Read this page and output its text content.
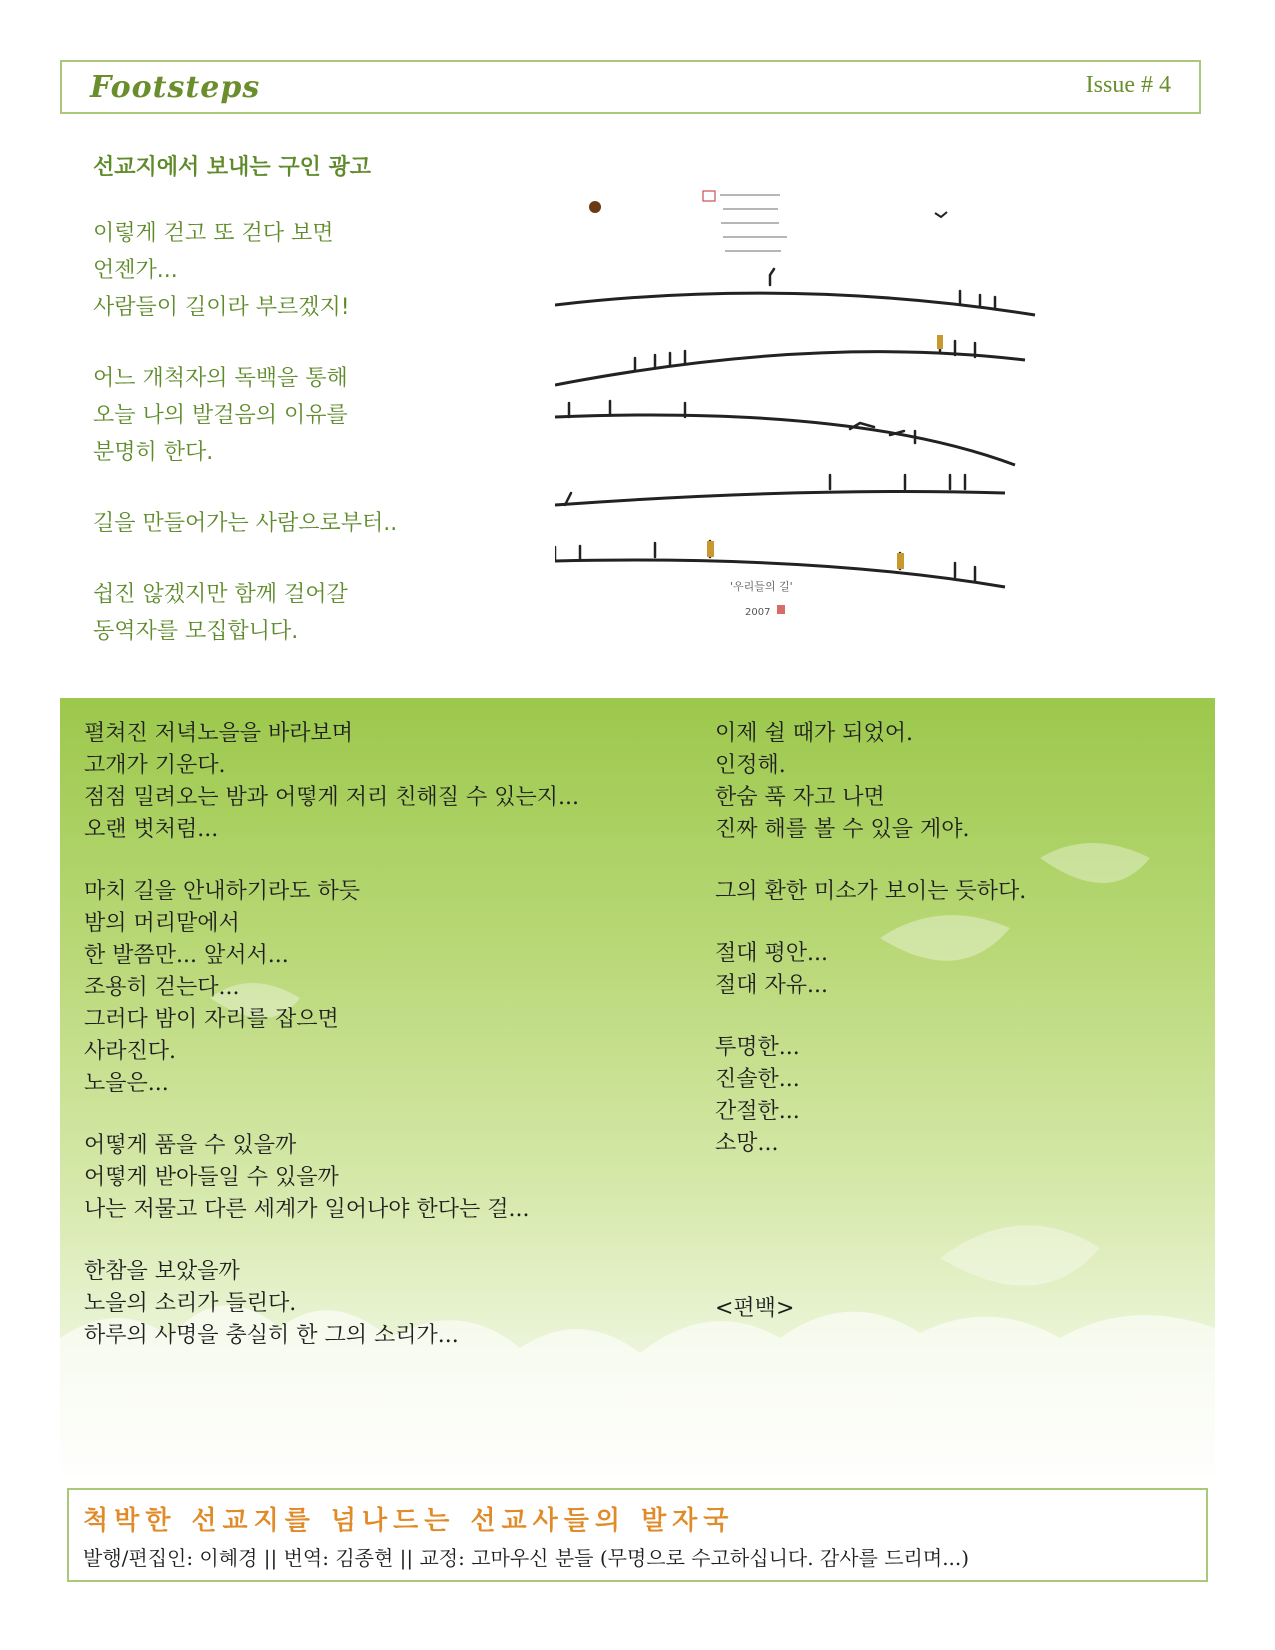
Footsteps	Issue # 4
선교지에서 보내는 구인 광고
이렇게 걷고 또 걷다 보면
언젠가...
사람들이 길이라 부르겠지!
어느 개척자의 독백을 통해
오늘 나의 발걸음의 이유를
분명히 한다.
길을 만들어가는 사람으로부터..
쉽진 않겠지만 함께 걸어갈
동역자를 모집합니다.
'우리들의 길'
2007
펼쳐진 저녁노을을 바라보며
고개가 기운다.
점점 밀려오는 밤과 어떻게 저리 친해질 수 있는지...
오랜 벗처럼...
마치 길을 안내하기라도 하듯
밤의 머리맡에서
한 발쯤만... 앞서서...
조용히 걷는다...
그러다 밤이 자리를 잡으면
사라진다.
노을은...
어떻게 품을 수 있을까
어떻게 받아들일 수 있을까
나는 저물고 다른 세계가 일어나야 한다는 걸...
한참을 보았을까
노을의 소리가 들린다.
하루의 사명을 충실히 한 그의 소리가...
이제 쉴 때가 되었어.
인정해.
한숨 푹 자고 나면
진짜 해를 볼 수 있을 게야.
그의 환한 미소가 보이는 듯하다.
절대 평안...
절대 자유...
투명한...
진솔한...
간절한...
소망...
<편백>
척박한 선교지를 넘나드는 선교사들의 발자국
발행/편집인: 이혜경 || 번역: 김종현 || 교정: 고마우신 분들 (무명으로 수고하십니다. 감사를 드리며...)
